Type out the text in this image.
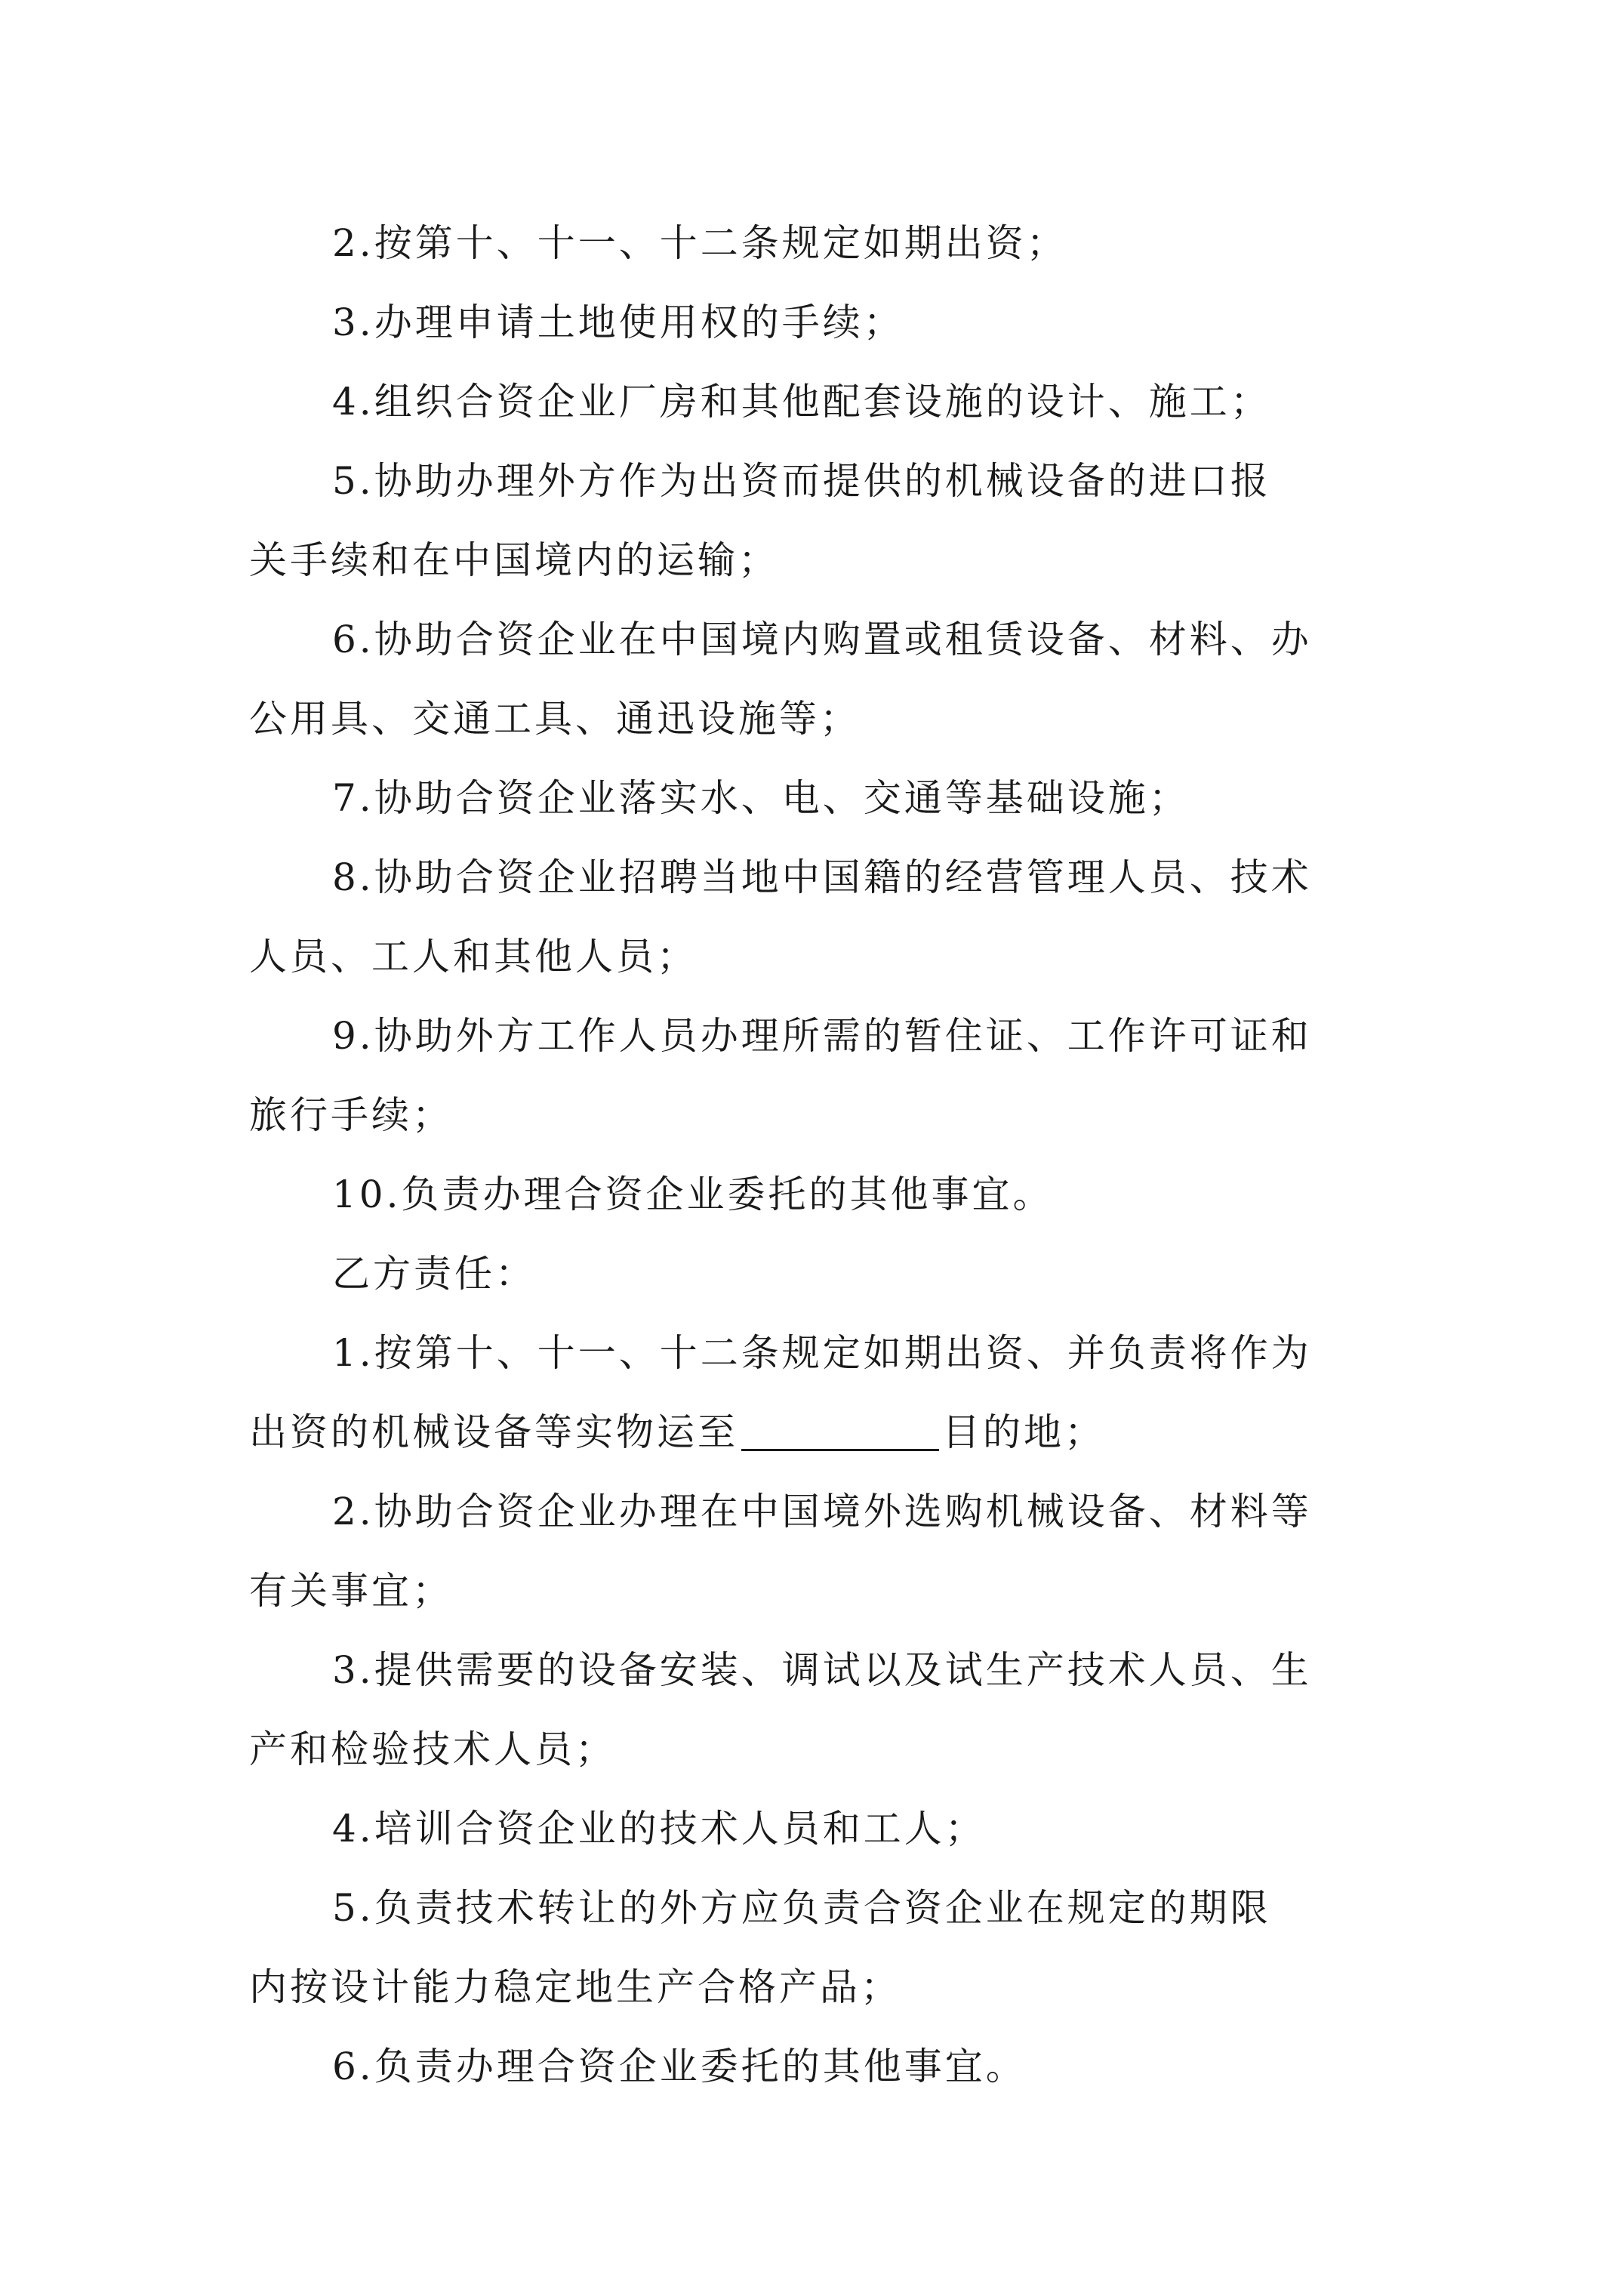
2.按第十、十一、十二条规定如期出资；
3.办理申请土地使用权的手续；
4.组织合资企业厂房和其他配套设施的设计、施工；
5.协助办理外方作为出资而提供的机械设备的进口报
关手续和在中国境内的运输；
6.协助合资企业在中国境内购置或租赁设备、材料、办
公用具、交通工具、通迅设施等；
7.协助合资企业落实水、电、交通等基础设施；
8.协助合资企业招聘当地中国籍的经营管理人员、技术
人员、工人和其他人员；
9.协助外方工作人员办理所需的暂住证、工作许可证和
旅行手续；
10.负责办理合资企业委托的其他事宜。
乙方责任：
1.按第十、十一、十二条规定如期出资、并负责将作为
出资的机械设备等实物运至	目的地；
2.协助合资企业办理在中国境外选购机械设备、材料等
有关事宜；
3.提供需要的设备安装、调试以及试生产技术人员、生
产和检验技术人员；
4.培训合资企业的技术人员和工人；
5.负责技术转让的外方应负责合资企业在规定的期限
内按设计能力稳定地生产合格产品；
6.负责办理合资企业委托的其他事宜。
